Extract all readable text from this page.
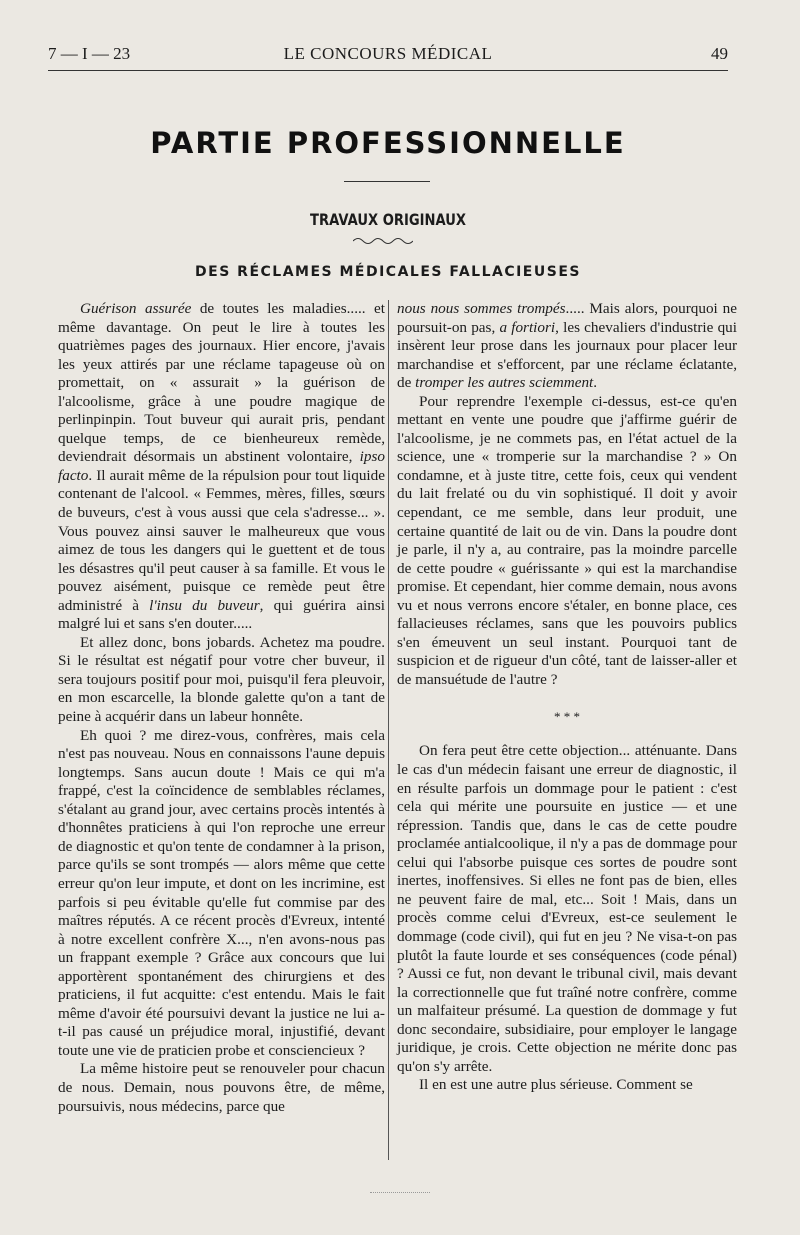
7 — I — 23	LE CONCOURS MÉDICAL	49
PARTIE PROFESSIONNELLE
TRAVAUX ORIGINAUX
DES RÉCLAMES MÉDICALES FALLACIEUSES

Guérison assurée de toutes les maladies..... et même davantage. On peut le lire à toutes les quatrièmes pages des journaux. Hier encore, j'avais les yeux attirés par une réclame tapageuse où on promettait, on « assurait » la guérison de l'alcoolisme, grâce à une poudre magique de perlinpinpin. Tout buveur qui aurait pris, pendant quelque temps, de ce bienheureux remède, deviendrait désormais un abstinent volontaire, ipso facto. Il aurait même de la répulsion pour tout liquide contenant de l'alcool. « Femmes, mères, filles, sœurs de buveurs, c'est à vous aussi que cela s'adresse... ». Vous pouvez ainsi sauver le malheureux que vous aimez de tous les dangers qui le guettent et de tous les désastres qu'il peut causer à sa famille. Et vous le pouvez aisément, puisque ce remède peut être administré à l'insu du buveur, qui guérira ainsi malgré lui et sans s'en douter.....

Et allez donc, bons jobards. Achetez ma poudre. Si le résultat est négatif pour votre cher buveur, il sera toujours positif pour moi, puisqu'il fera pleuvoir, en mon escarcelle, la blonde galette qu'on a tant de peine à acquérir dans un labeur honnête.

Eh quoi ? me direz-vous, confrères, mais cela n'est pas nouveau. Nous en connaissons l'aune depuis longtemps. Sans aucun doute ! Mais ce qui m'a frappé, c'est la coïncidence de semblables réclames, s'étalant au grand jour, avec certains procès intentés à d'honnêtes praticiens à qui l'on reproche une erreur de diagnostic et qu'on tente de condamner à la prison, parce qu'ils se sont trompés — alors même que cette erreur qu'on leur impute, et dont on les incrimine, est parfois si peu évitable qu'elle fut commise par des maîtres réputés. A ce récent procès d'Evreux, intenté à notre excellent confrère X..., n'en avons-nous pas un frappant exemple ? Grâce aux concours que lui apportèrent spontanément des chirurgiens et des praticiens, il fut acquitte: c'est entendu. Mais le fait même d'avoir été poursuivi devant la justice ne lui a-t-il pas causé un préjudice moral, injustifié, devant toute une vie de praticien probe et consciencieux ?

La même histoire peut se renouveler pour chacun de nous. Demain, nous pouvons être, de même, poursuivis, nous médecins, parce que

nous nous sommes trompés..... Mais alors, pourquoi ne poursuit-on pas, a fortiori, les chevaliers d'industrie qui insèrent leur prose dans les journaux pour placer leur marchandise et s'efforcent, par une réclame éclatante, de tromper les autres sciemment.

Pour reprendre l'exemple ci-dessus, est-ce qu'en mettant en vente une poudre que j'affirme guérir de l'alcoolisme, je ne commets pas, en l'état actuel de la science, une « tromperie sur la marchandise ? » On condamne, et à juste titre, cette fois, ceux qui vendent du lait frelaté ou du vin sophistiqué. Il doit y avoir cependant, ce me semble, dans leur produit, une certaine quantité de lait ou de vin. Dans la poudre dont je parle, il n'y a, au contraire, pas la moindre parcelle de cette poudre « guérissante » qui est la marchandise promise. Et cependant, hier comme demain, nous avons vu et nous verrons encore s'étaler, en bonne place, ces fallacieuses réclames, sans que les pouvoirs publics s'en émeuvent un seul instant. Pourquoi tant de suspicion et de rigueur d'un côté, tant de laisser-aller et de mansuétude de l'autre ?

* * *

On fera peut être cette objection... atténuante. Dans le cas d'un médecin faisant une erreur de diagnostic, il en résulte parfois un dommage pour le patient : c'est cela qui mérite une poursuite en justice — et une répression. Tandis que, dans le cas de cette poudre proclamée antialcoolique, il n'y a pas de dommage pour celui qui l'absorbe puisque ces sortes de poudre sont inertes, inoffensives. Si elles ne font pas de bien, elles ne peuvent faire de mal, etc... Soit ! Mais, dans un procès comme celui d'Evreux, est-ce seulement le dommage (code civil), qui fut en jeu ? Ne visa-t-on pas plutôt la faute lourde et ses conséquences (code pénal) ? Aussi ce fut, non devant le tribunal civil, mais devant la correctionnelle que fut traîné notre confrère, comme un malfaiteur présumé. La question de dommage y fut donc secondaire, subsidiaire, pour employer le langage juridique, je crois. Cette objection ne mérite donc pas qu'on s'y arrête.

Il en est une autre plus sérieuse. Comment se
